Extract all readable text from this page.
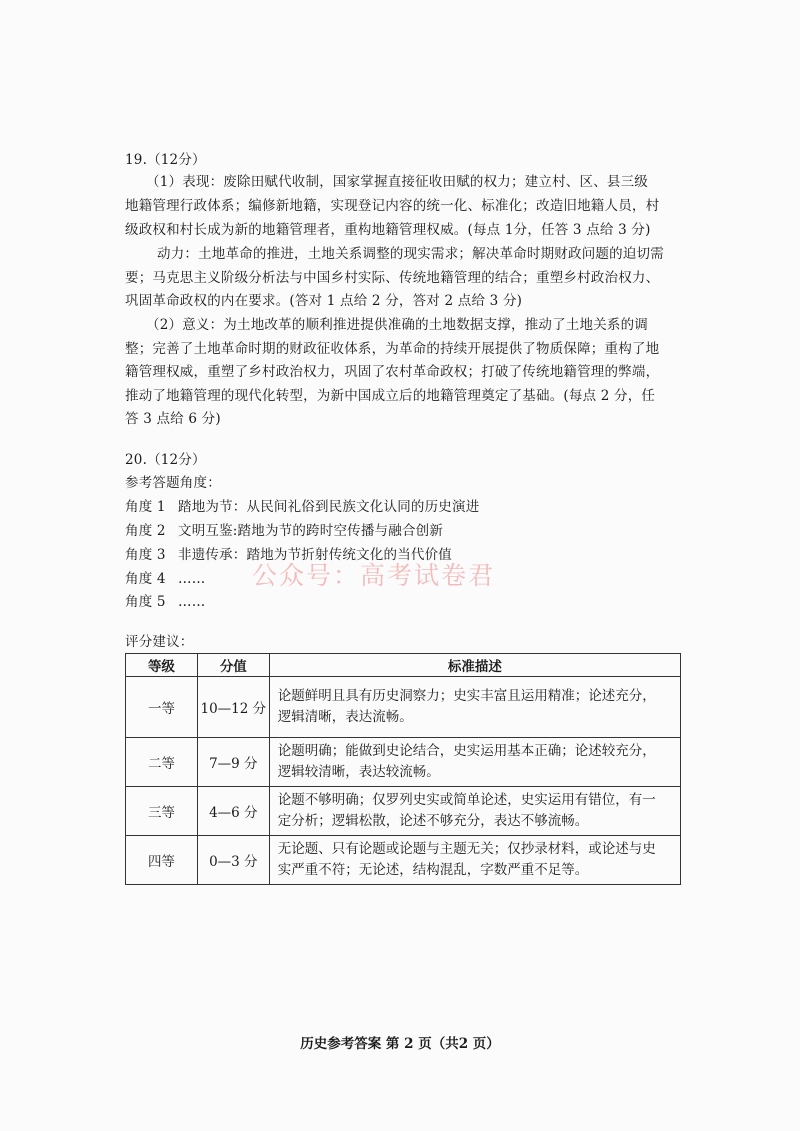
19.（12分）
（1）表现：废除田赋代收制，国家掌握直接征收田赋的权力；建立村、区、县三级
地籍管理行政体系；编修新地籍，实现登记内容的统一化、标准化；改造旧地籍人员，村
级政权和村长成为新的地籍管理者，重构地籍管理权威。(每点 1分，任答 3 点给 3 分)
动力：土地革命的推进，土地关系调整的现实需求；解决革命时期财政问题的迫切需
要；马克思主义阶级分析法与中国乡村实际、传统地籍管理的结合；重塑乡村政治权力、
巩固革命政权的内在要求。(答对 1 点给 2 分，答对 2 点给 3 分)
（2）意义：为土地改革的顺利推进提供准确的土地数据支撑，推动了土地关系的调
整；完善了土地革命时期的财政征收体系，为革命的持续开展提供了物质保障；重构了地
籍管理权威，重塑了乡村政治权力，巩固了农村革命政权；打破了传统地籍管理的弊端，
推动了地籍管理的现代化转型，为新中国成立后的地籍管理奠定了基础。(每点 2 分，任
答 3 点给 6 分)
20.（12分）
参考答题角度：
角度 1 踏地为节：从民间礼俗到民族文化认同的历史演进
角度 2 文明互鉴:踏地为节的跨时空传播与融合创新
角度 3 非遗传承：踏地为节折射传统文化的当代价值
角度 4 ……
角度 5 ……
公众号：高考试卷君
评分建议：
等级	分值	标准描述
一等	10—12 分	论题鲜明且具有历史洞察力；史实丰富且运用精准；论述充分，
逻辑清晰，表达流畅。

二等	7—9 分	论题明确；能做到史论结合，史实运用基本正确；论述较充分，
逻辑较清晰，表达较流畅。

三等	4—6 分	论题不够明确；仅罗列史实或简单论述，史实运用有错位，有一
定分析；逻辑松散，论述不够充分，表达不够流畅。

四等	0—3 分	无论题、只有论题或论题与主题无关；仅抄录材料，或论述与史
实严重不符；无论述，结构混乱，字数严重不足等。
历史参考答案 第 2 页（共2 页）
